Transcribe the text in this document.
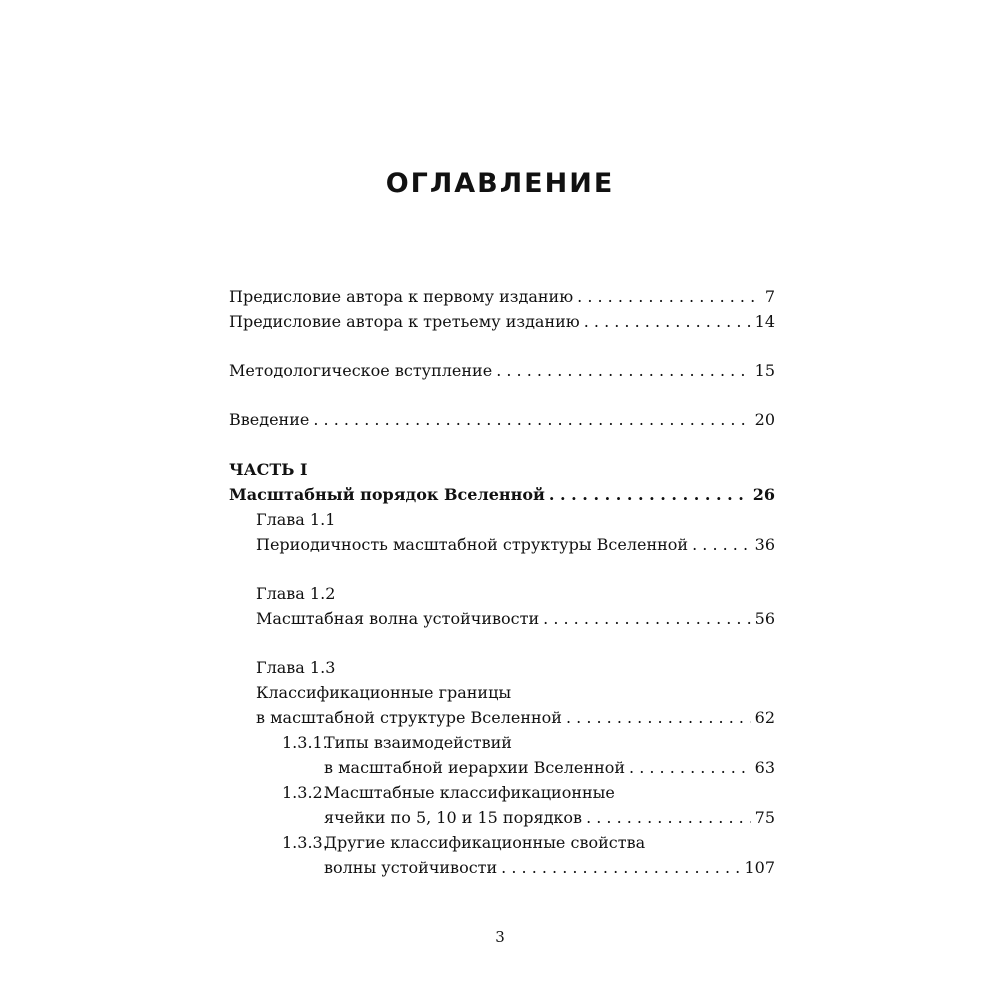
ОГЛАВЛЕНИЕ
Предисловие автора к первому изданию . . .	7
Предисловие автора к третьему изданию . . .	14
Методологическое вступление . . .	15
Введение . . .	20
ЧАСТЬ I
Масштабный порядок Вселенной . . .	26
Глава 1.1
Периодичность масштабной структуры Вселенной . . .	36
Глава 1.2
Масштабная волна устойчивости . . .	56
Глава 1.3
Классификационные границы
в масштабной структуре Вселенной . . .	62
1.3.1.Типы взаимодействий
в масштабной иерархии Вселенной . . .	63
1.3.2.Масштабные классификационные
ячейки по 5, 10 и 15 порядков . . .	75
1.3.3.Другие классификационные свойства
волны устойчивости . . .	107
3
